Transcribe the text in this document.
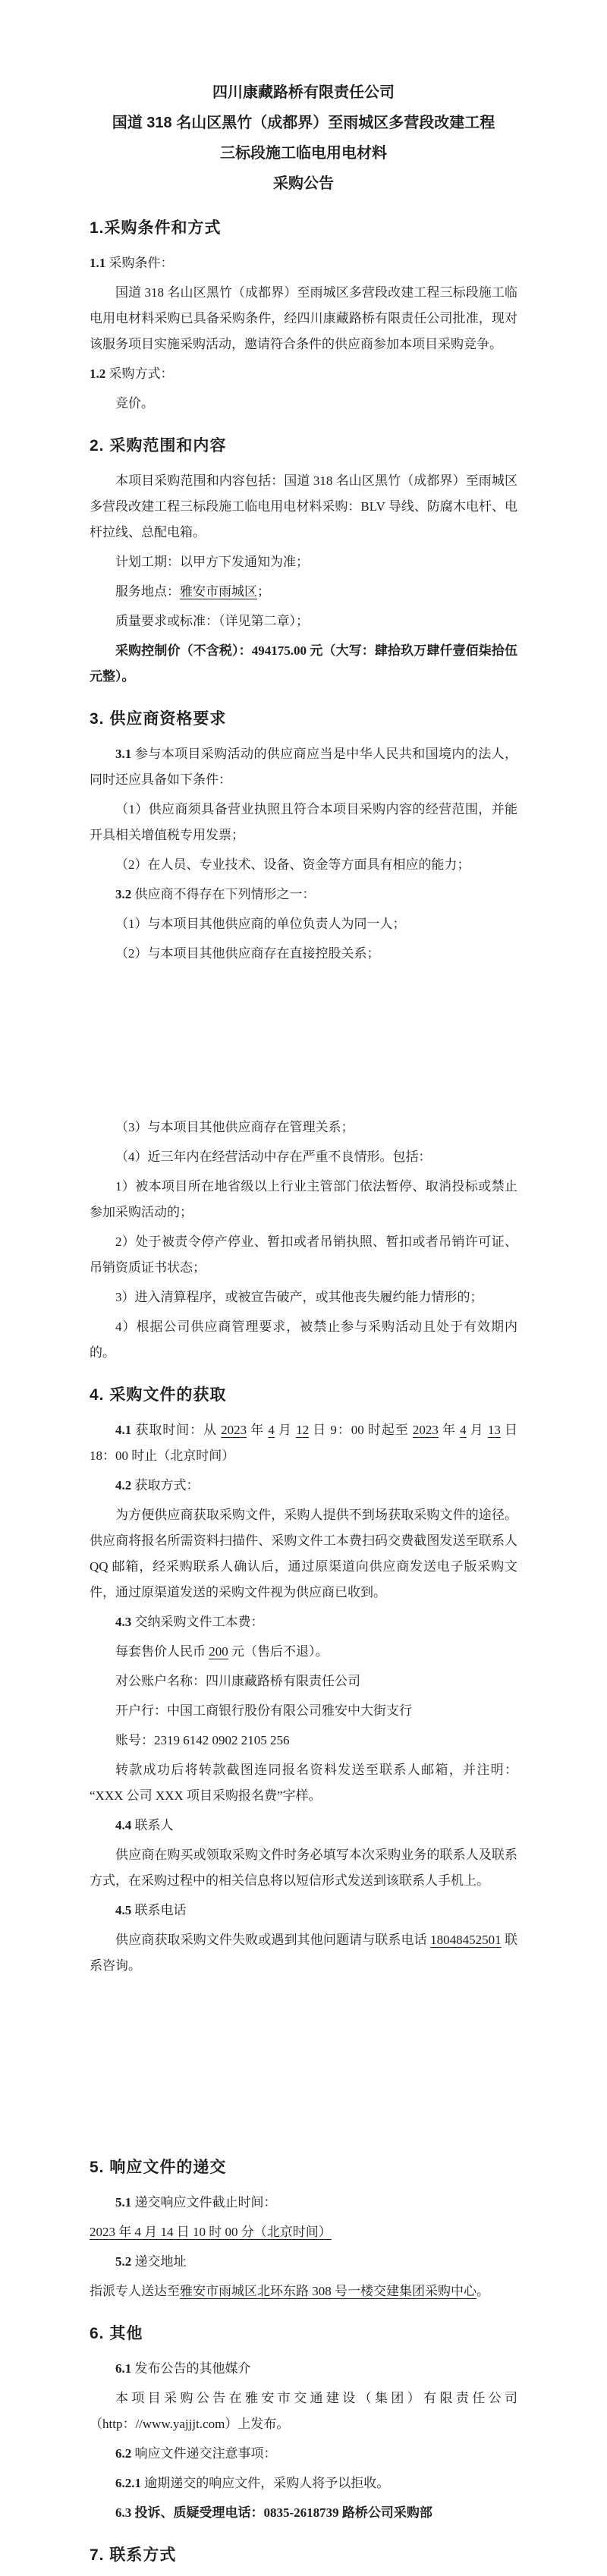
四川康藏路桥有限责任公司
国道 318 名山区黑竹（成都界）至雨城区多营段改建工程
三标段施工临电用电材料
采购公告
1.采购条件和方式

1.1 采购条件：

国道 318 名山区黑竹（成都界）至雨城区多营段改建工程三标段施工临电用电材料采购已具备采购条件，经四川康藏路桥有限责任公司批准，现对该服务项目实施采购活动，邀请符合条件的供应商参加本项目采购竞争。

1.2 采购方式：

竞价。

2. 采购范围和内容

本项目采购范围和内容包括：国道 318 名山区黑竹（成都界）至雨城区多营段改建工程三标段施工临电用电材料采购：BLV 导线、防腐木电杆、电杆拉线、总配电箱。

计划工期：以甲方下发通知为准；

服务地点：雅安市雨城区；

质量要求或标准：（详见第二章）；

采购控制价（不含税）：494175.00 元（大写：肆拾玖万肆仟壹佰柒拾伍元整）。

3. 供应商资格要求

3.1 参与本项目采购活动的供应商应当是中华人民共和国境内的法人，同时还应具备如下条件：

（1）供应商须具备营业执照且符合本项目采购内容的经营范围，并能开具相关增值税专用发票；

（2）在人员、专业技术、设备、资金等方面具有相应的能力；

3.2 供应商不得存在下列情形之一：

（1）与本项目其他供应商的单位负责人为同一人；

（2）与本项目其他供应商存在直接控股关系；

（3）与本项目其他供应商存在管理关系；

（4）近三年内在经营活动中存在严重不良情形。包括：

1）被本项目所在地省级以上行业主管部门依法暂停、取消投标或禁止参加采购活动的；

2）处于被责令停产停业、暂扣或者吊销执照、暂扣或者吊销许可证、吊销资质证书状态；

3）进入清算程序，或被宣告破产，或其他丧失履约能力情形的；

4）根据公司供应商管理要求，被禁止参与采购活动且处于有效期内的。

4. 采购文件的获取

4.1 获取时间：从 2023 年 4 月 12 日 9：00 时起至 2023 年 4 月 13 日 18：00 时止（北京时间）

4.2 获取方式：

为方便供应商获取采购文件，采购人提供不到场获取采购文件的途径。供应商将报名所需资料扫描件、采购文件工本费扫码交费截图发送至联系人 QQ 邮箱，经采购联系人确认后，通过原渠道向供应商发送电子版采购文件，通过原渠道发送的采购文件视为供应商已收到。

4.3 交纳采购文件工本费：

每套售价人民币 200 元（售后不退）。

对公账户名称：四川康藏路桥有限责任公司

开户行：中国工商银行股份有限公司雅安中大街支行

账号：2319 6142 0902 2105 256

转款成功后将转款截图连同报名资料发送至联系人邮箱，并注明：“XXX 公司 XXX 项目采购报名费”字样。

4.4 联系人

供应商在购买或领取采购文件时务必填写本次采购业务的联系人及联系方式，在采购过程中的相关信息将以短信形式发送到该联系人手机上。

4.5 联系电话

供应商获取采购文件失败或遇到其他问题请与联系电话 18048452501 联系咨询。

5. 响应文件的递交

5.1 递交响应文件截止时间：

2023 年 4 月 14 日 10 时 00 分（北京时间）

5.2 递交地址

指派专人送达至雅安市雨城区北环东路 308 号一楼交建集团采购中心。

6. 其他

6.1 发布公告的其他媒介

本项目采购公告在雅安市交通建设（集团）有限责任公司（http：//www.yajjjt.com）上发布。

6.2 响应文件递交注意事项：

6.2.1 逾期递交的响应文件，采购人将予以拒收。

6.3 投诉、质疑受理电话：0835-2618739 路桥公司采购部

7. 联系方式
